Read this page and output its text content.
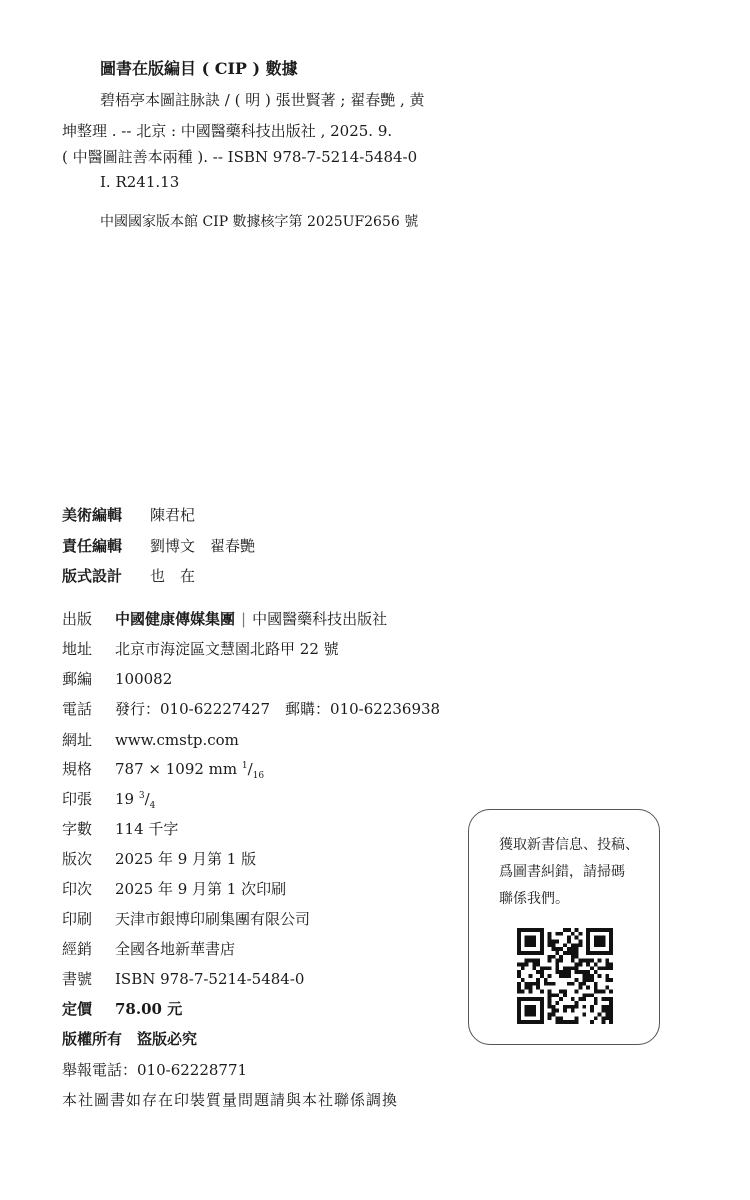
圖書在版編目 ( CIP ) 數據
碧梧亭本圖註脉訣 / ( 明 ) 張世賢著 ; 翟春艷 , 黄
坤整理 . -- 北京 : 中國醫藥科技出版社 , 2025. 9.
( 中醫圖註善本兩種 ). -- ISBN 978-7-5214-5484-0
Ⅰ. R241.13
中國國家版本館 CIP 數據核字第 2025UF2656 號
美術編輯 陳君杞
責任編輯 劉博文　翟春艷
版式設計 也　在
出版 中國健康傳媒集團 | 中國醫藥科技出版社
地址 北京市海淀區文慧園北路甲 22 號
郵編 100082
電話 發行：010-62227427　郵購：010-62236938
網址 www.cmstp.com
規格 787 × 1092 mm $^1/_{16}$
印張 19 $^3/_4$
字數 114 千字
版次 2025 年 9 月第 1 版
印次 2025 年 9 月第 1 次印刷
印刷 天津市銀博印刷集團有限公司
經銷 全國各地新華書店
書號 ISBN 978-7-5214-5484-0
定價 78.00 元
版權所有　盜版必究
舉報電話：010-62228771
本社圖書如存在印裝質量問題請與本社聯係調換
獲取新書信息、投稿、
爲圖書糾錯，請掃碼
聯係我們。
